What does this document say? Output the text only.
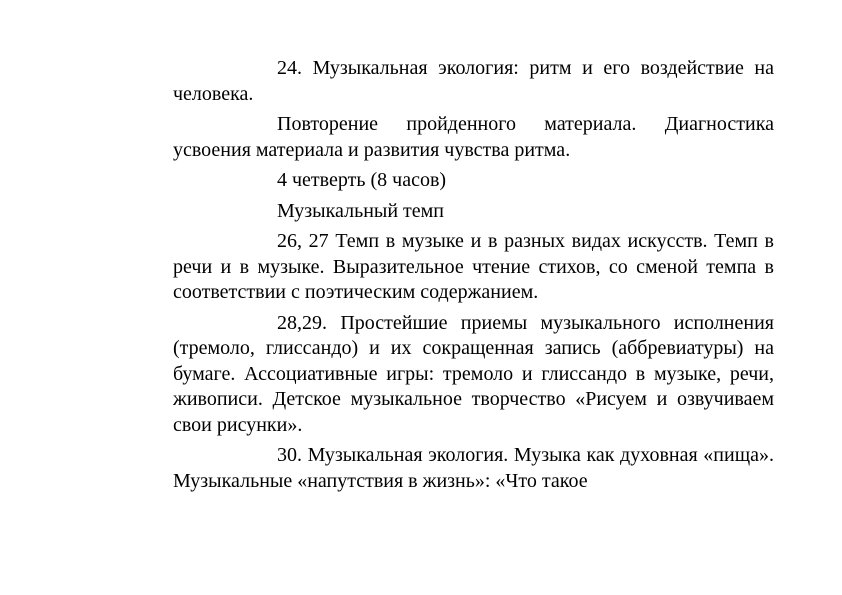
24. Музыкальная экология: ритм и его воздействие на человека.

Повторение пройденного материала. Диагностика усвоения материала и развития чувства ритма.

4 четверть (8 часов)

Музыкальный темп

26, 27 Темп в музыке и в разных видах искусств. Темп в речи и в музыке. Выразительное чтение стихов, со сменой темпа в соответствии с поэтическим содержанием.

28,29. Простейшие приемы музыкального исполнения (тремоло, глиссандо) и их сокращенная запись (аббревиатуры) на бумаге. Ассоциативные игры: тремоло и глиссандо в музыке, речи, живописи. Детское музыкальное творчество «Рисуем и озвучиваем свои рисунки».

30. Музыкальная экология. Музыка как духовная «пища». Музыкальные «напутствия в жизнь»: «Что такое
